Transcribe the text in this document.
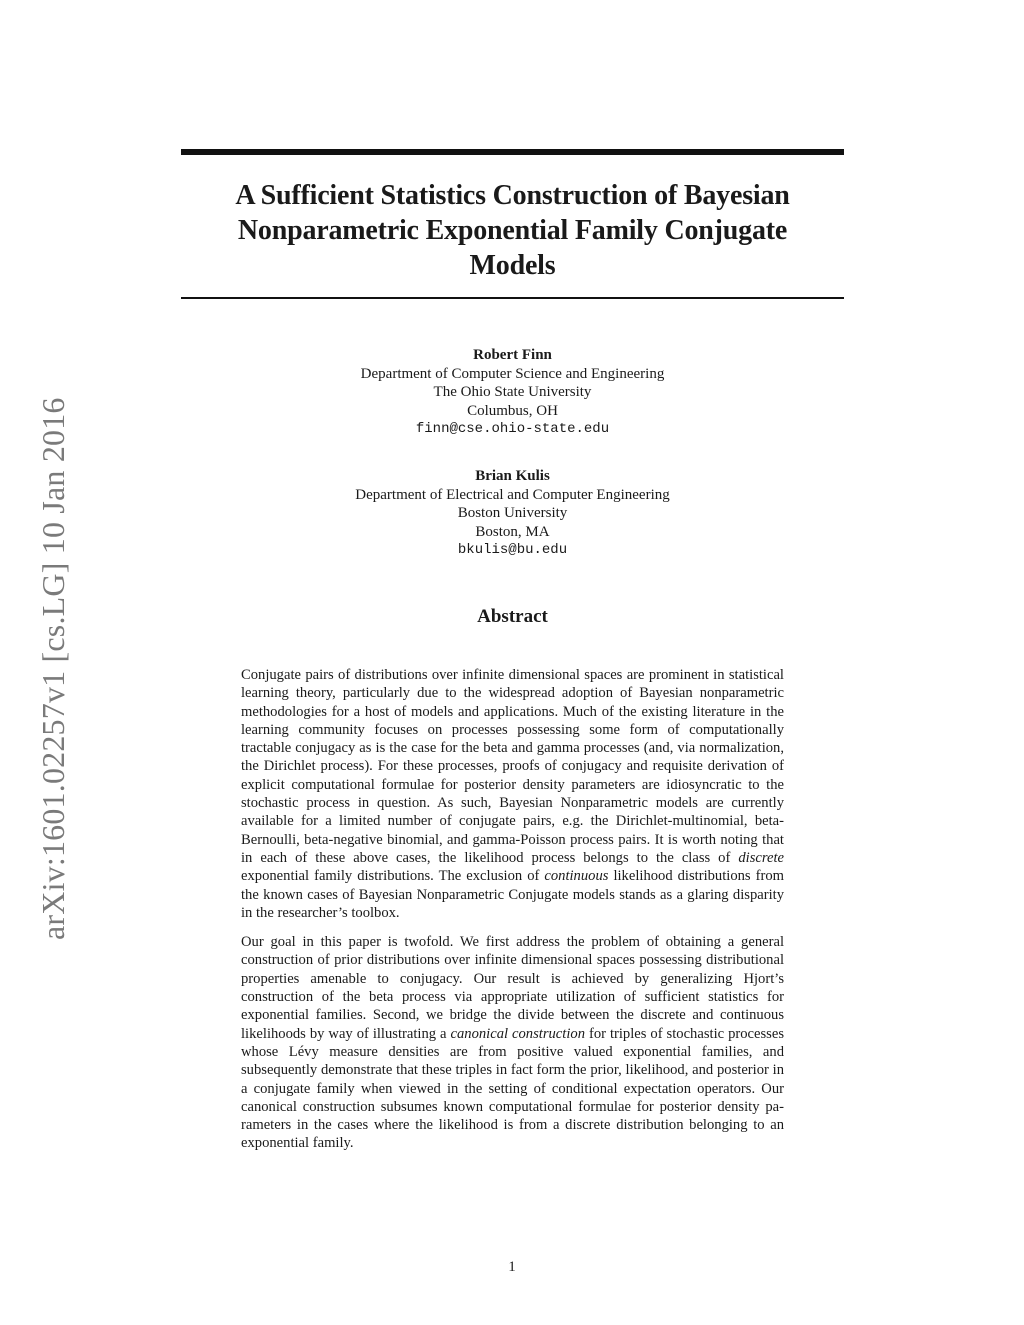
A Sufficient Statistics Construction of Bayesian
Nonparametric Exponential Family Conjugate
Models
arXiv:1601.02257v1 [cs.LG] 10 Jan 2016
Robert Finn
Department of Computer Science and Engineering
The Ohio State University
Columbus, OH
finn@cse.ohio-state.edu
Brian Kulis
Department of Electrical and Computer Engineering
Boston University
Boston, MA
bkulis@bu.edu
Abstract

Conjugate pairs of distributions over infinite dimensional spaces are prominent in statistical learning theory, particularly due to the widespread adoption of Bayesian nonparametric methodologies for a host of models and applications. Much of the existing literature in the learning community focuses on processes possessing some form of computationally tractable conjugacy as is the case for the beta and gamma processes (and, via normalization, the Dirichlet process). For these processes, proofs of conjugacy and requisite derivation of explicit computational formulae for posterior density parameters are idiosyncratic to the stochastic process in question. As such, Bayesian Nonparametric models are currently available for a limited number of conjugate pairs, e.g. the Dirichlet-multinomial, beta-Bernoulli, beta-negative binomial, and gamma-Poisson process pairs. It is worth noting that in each of these above cases, the likelihood process belongs to the class of discrete exponential family distributions. The exclusion of continuous likelihood distributions from the known cases of Bayesian Nonparametric Conjugate models stands as a glaring disparity in the researcher’s toolbox.

Our goal in this paper is twofold. We first address the problem of obtaining a general construction of prior distributions over infinite dimensional spaces possessing distributional properties amenable to conjugacy. Our result is achieved by generalizing Hjort’s construction of the beta process via appropriate utilization of sufficient statistics for exponential families. Second, we bridge the divide between the discrete and continuous likelihoods by way of illustrating a canonical construction for triples of stochastic processes whose Lévy measure densities are from positive valued exponential families, and subsequently demonstrate that these triples in fact form the prior, likelihood, and posterior in a conjugate family when viewed in the setting of conditional expectation operators. Our canonical construction subsumes known computational formulae for posterior density parameters in the cases where the likelihood is from a discrete distribution belonging to an exponential family.

1
